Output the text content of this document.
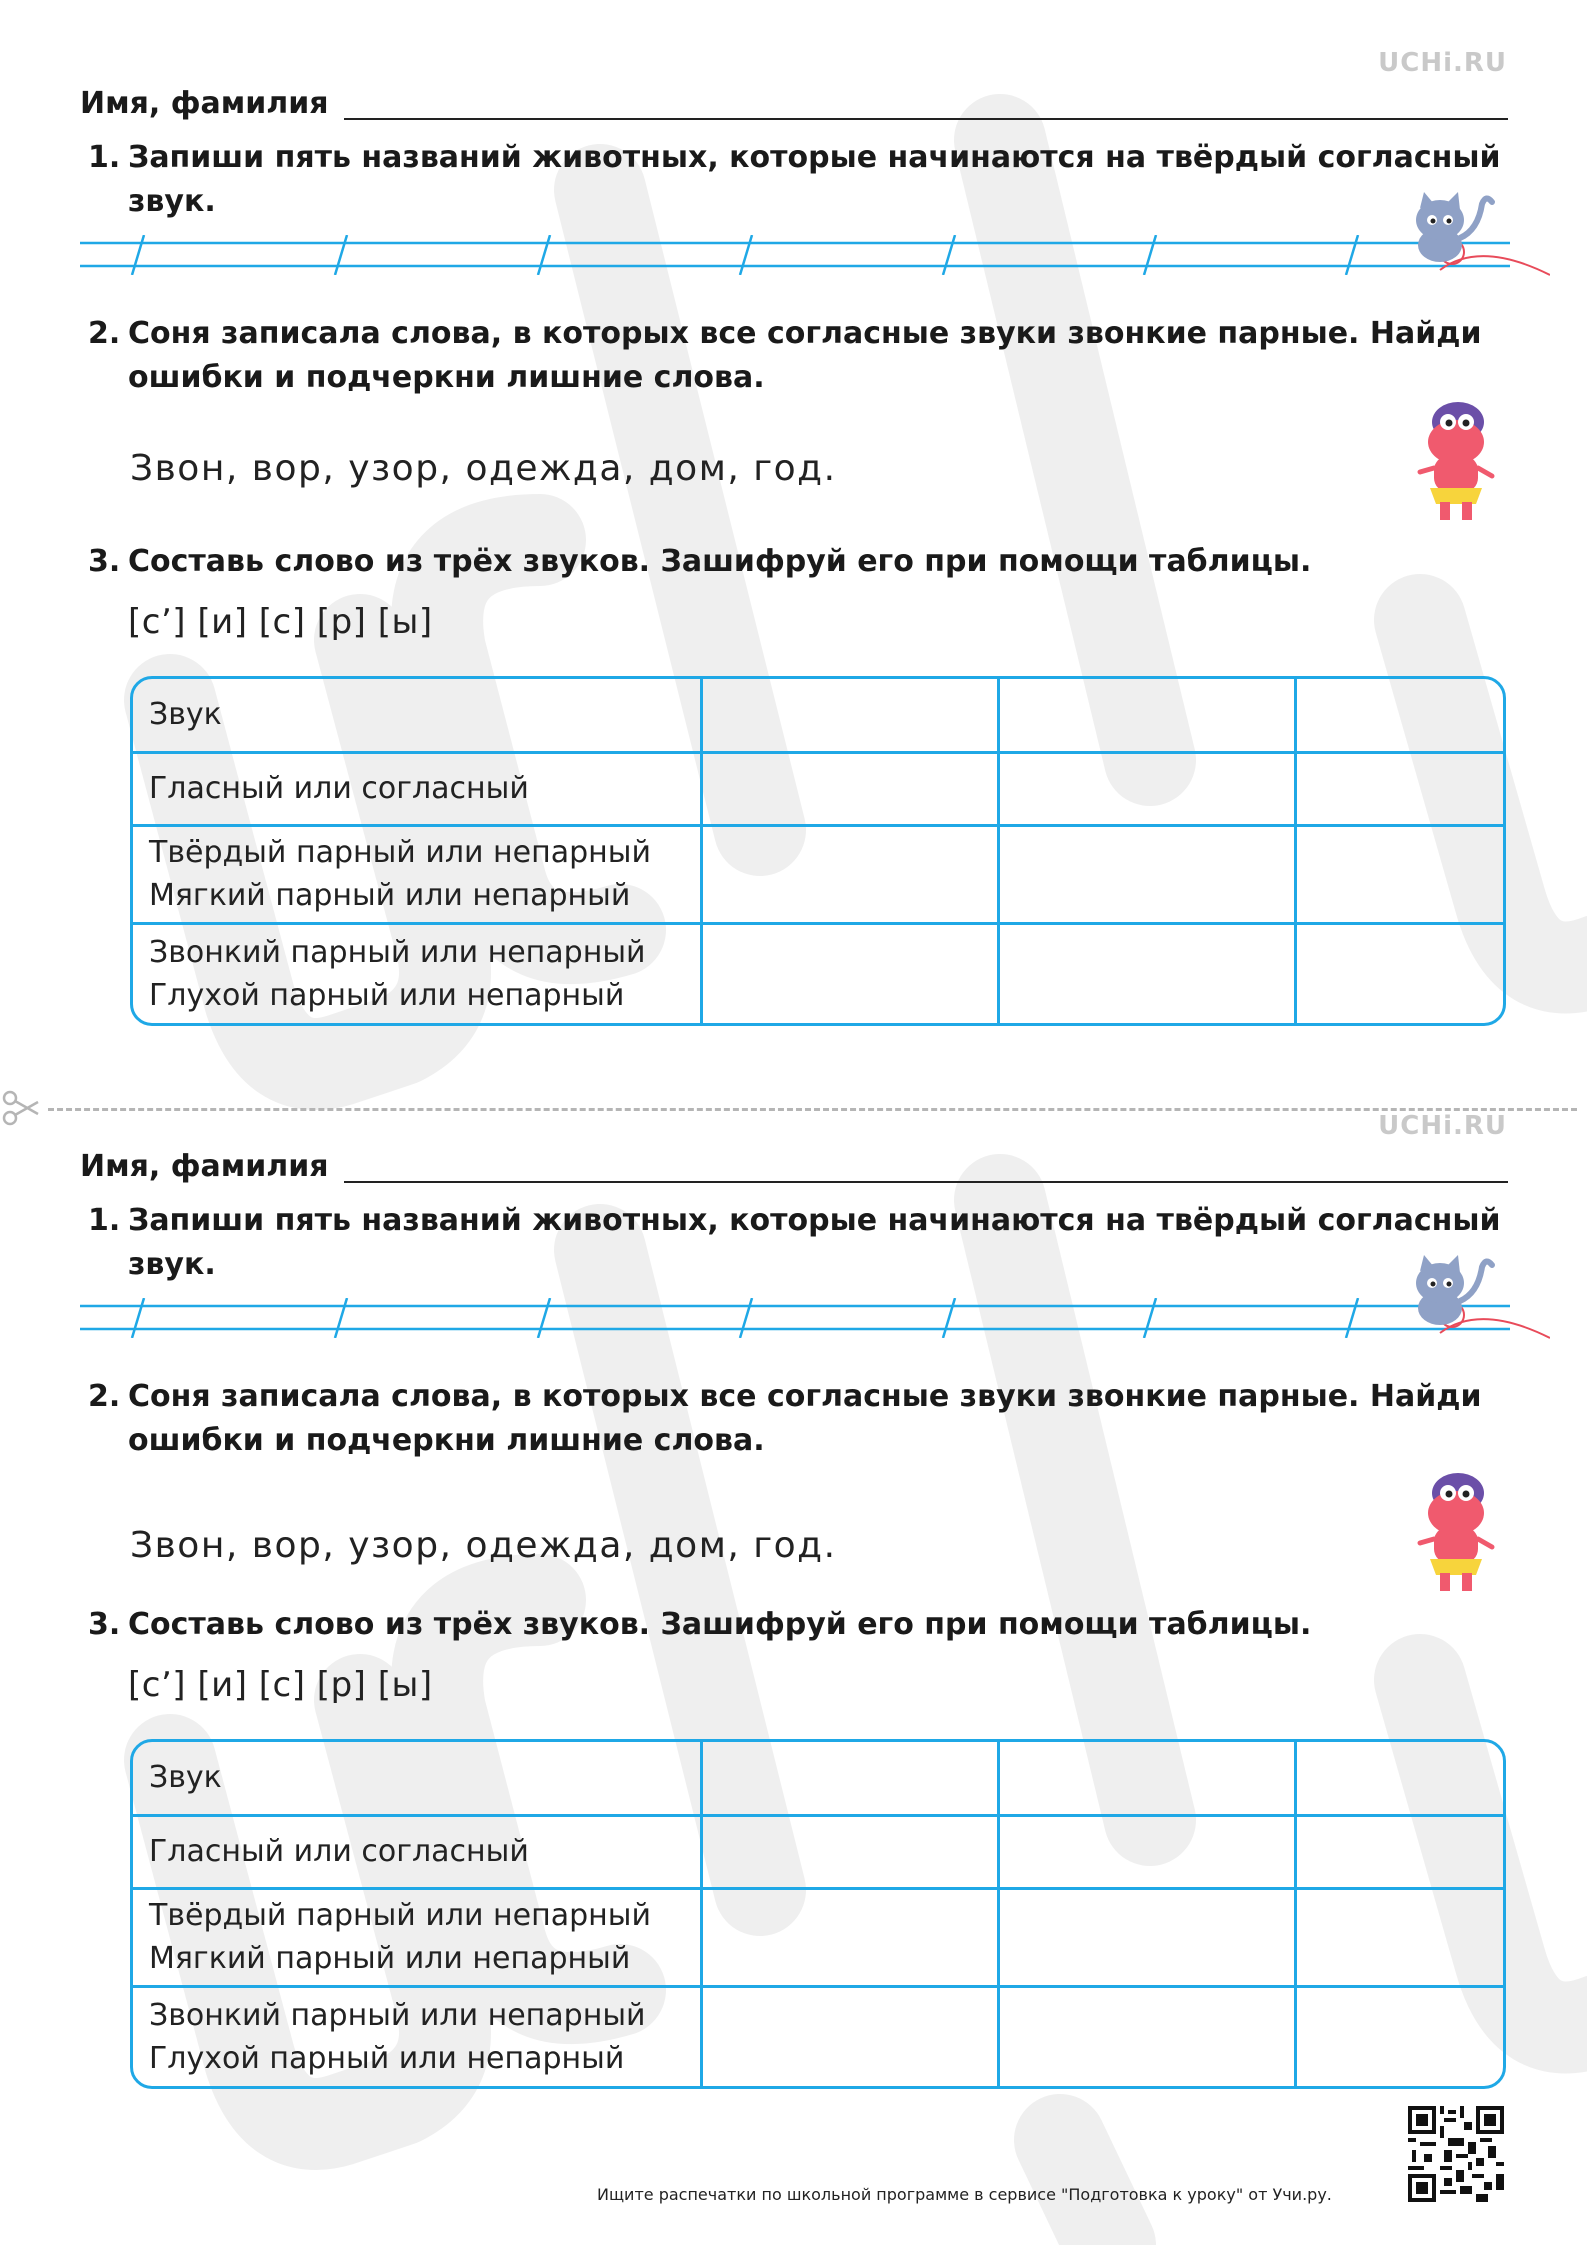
UCHi.RU
Имя, фамилия
1. Запиши пять названий животных, которые начинаются на твёрдый согласный звук.
2. Соня записала слова, в которых все согласные звуки звонкие парные. Найди ошибки и подчеркни лишние слова.
Звон, вор, узор, одежда, дом, год.
3. Составь слово из трёх звуков. Зашифруй его при помощи таблицы.
[с’] [и] [с] [р] [ы]
Звук			
Гласный или согласный			
Твёрдый парный или непарный
Мягкий парный или непарный			
Звонкий парный или непарный
Глухой парный или непарный			
UCHi.RU
Имя, фамилия
1. Запиши пять названий животных, которые начинаются на твёрдый согласный звук.
2. Соня записала слова, в которых все согласные звуки звонкие парные. Найди ошибки и подчеркни лишние слова.
Звон, вор, узор, одежда, дом, год.
3. Составь слово из трёх звуков. Зашифруй его при помощи таблицы.
[с’] [и] [с] [р] [ы]
Звук			
Гласный или согласный			
Твёрдый парный или непарный
Мягкий парный или непарный			
Звонкий парный или непарный
Глухой парный или непарный			
Ищите распечатки по школьной программе в сервисе "Подготовка к уроку" от Учи.ру.
